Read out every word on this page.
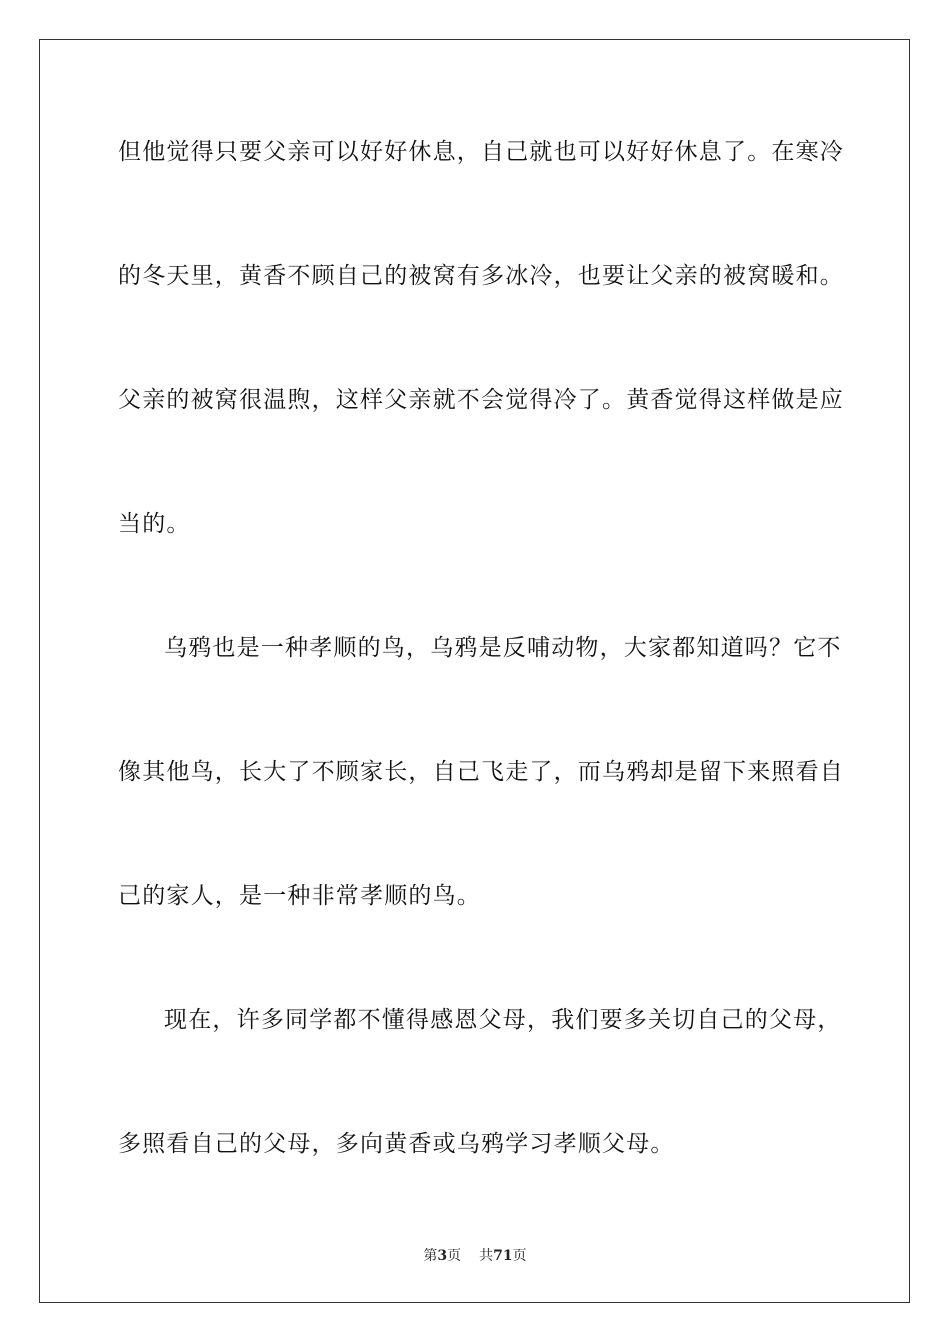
但他觉得只要父亲可以好好休息，自己就也可以好好休息了。在寒冷
的冬天里，黄香不顾自己的被窝有多冰冷，也要让父亲的被窝暖和。
父亲的被窝很温煦，这样父亲就不会觉得冷了。黄香觉得这样做是应
当的。
乌鸦也是一种孝顺的鸟，乌鸦是反哺动物，大家都知道吗？它不
像其他鸟，长大了不顾家长，自己飞走了，而乌鸦却是留下来照看自
己的家人，是一种非常孝顺的鸟。
现在，许多同学都不懂得感恩父母，我们要多关切自己的父母，
多照看自己的父母，多向黄香或乌鸦学习孝顺父母。
第3页 共71页
